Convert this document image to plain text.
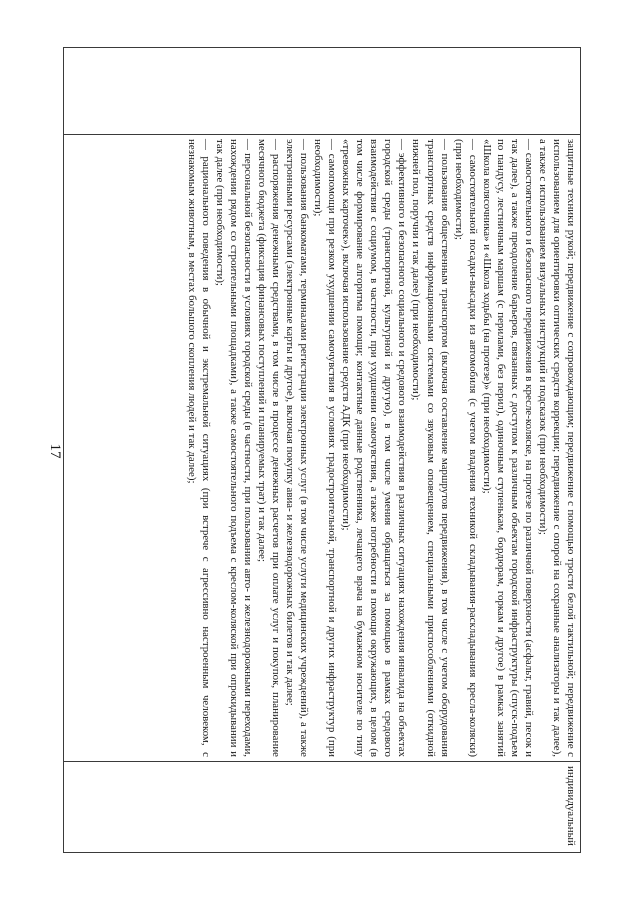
17
		защитные техники рукой; передвижение с сопровождающим; передвижение с помощью трости белой тактильной; передвижение с использованием для ориентировки оптических средств коррекции; передвижение с опорой на сохранные анализаторы и так далее), а также с использованием визуальных инструкций и подсказок (при необходимости);

— самостоятельного и безопасного передвижения в кресле-коляске, на протезе по различной поверхности (асфальт, гравий, песок и так далее), а также преодоление барьеров, связанных с доступом к различным объектам городской инфраструктуры (спуск-подъем по пандусу, лестничным маршам (с перилами, без перил), одиночным ступенькам, бордюрам, горкам и другое) в рамках занятий «Школа колясочника» и «Школа ходьбы (на протезе)» (при необходимости);

— самостоятельной посадки-высадки из автомобиля (с учетом владения техникой складывания-раскладывания кресла-коляски) (при необходимости);

— пользования общественным транспортом (включая составление маршрутов передвижения), в том числе с учетом оборудования транспортных средств информационными системами со звуковым оповещением, специальными приспособлениями (откидной нижней пол, поручни и так далее) (при необходимости);

— эффективного и безопасного социального и средового взаимодействия в различных ситуациях нахождения инвалида на объектах городской среды (транспортной, культурной и другую), в том числе умения обращаться за помощью в рамках средового взаимодействия с социумом, в частности, при ухудшении самочувствия, а также потребности в помощи окружающих, в целом (в том числе формирование алгоритма помощи; контактные данные родственника, лечащего врача на бумажном носителе по типу «тревожных карточек»), включая использование средств АДК (при необходимости);

— самопомощи при резком ухудшении самочувствия в условиях градостроительной, транспортной и других инфраструктур (при необходимости);

— пользования банкоматами, терминалами регистрации электронных услуг (в том числе услуги медицинских учреждений), а также электронными ресурсами (электронные карты и другое), включая покупку авиа- и железнодорожных билетов и так далее;

— распоряжения денежными средствами, в том числе в процессе денежных расчетов при оплате услуг и покупок, планирование месячного бюджета (фиксация финансовых поступлений и планируемых трат) и так далее;

— персональной безопасности в условиях городской среды (в частности, при пользовании авто- и железнодорожными переходами, нахождении рядом со строительными площадками), а также самостоятельного подъема с креслом-коляской при опрокидывании и так далее (при необходимости);

— рационального поведения в обычной и экстремальной ситуациях (при встрече с агрессивно настроенным человеком, с незнакомым животным, в местах большого скопления людей и так далее);

	индивидуальный
